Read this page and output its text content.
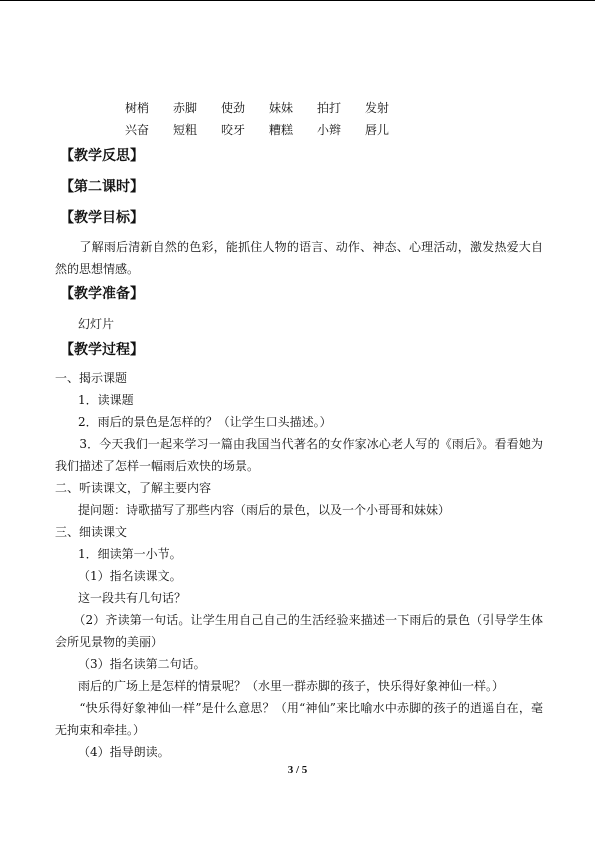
树梢	赤脚	使劲	妹妹	拍打	发射
兴奋	短粗	咬牙	糟糕	小辫	唇儿
【教学反思】
【第二课时】
【教学目标】
　　了解雨后清新自然的色彩，能抓住人物的语言、动作、神态、心理活动，激发热爱大自然的思想情感。
【教学准备】
幻灯片
【教学过程】
一、揭示课题
1．读课题
2．雨后的景色是怎样的？（让学生口头描述。）
　　3．今天我们一起来学习一篇由我国当代著名的女作家冰心老人写的《雨后》。看看她为我们描述了怎样一幅雨后欢快的场景。
二、听读课文，了解主要内容
提问题：诗歌描写了那些内容（雨后的景色，以及一个小哥哥和妹妹）
三、细读课文
1．细读第一小节。
（1）指名读课文。
这一段共有几句话？
　　（2）齐读第一句话。让学生用自己自己的生活经验来描述一下雨后的景色（引导学生体会所见景物的美丽）
（3）指名读第二句话。
雨后的广场上是怎样的情景呢？（水里一群赤脚的孩子，快乐得好象神仙一样。）
　　“快乐得好象神仙一样”是什么意思？（用“神仙”来比喻水中赤脚的孩子的逍遥自在，毫无拘束和牵挂。）
（4）指导朗读。
3 / 5
